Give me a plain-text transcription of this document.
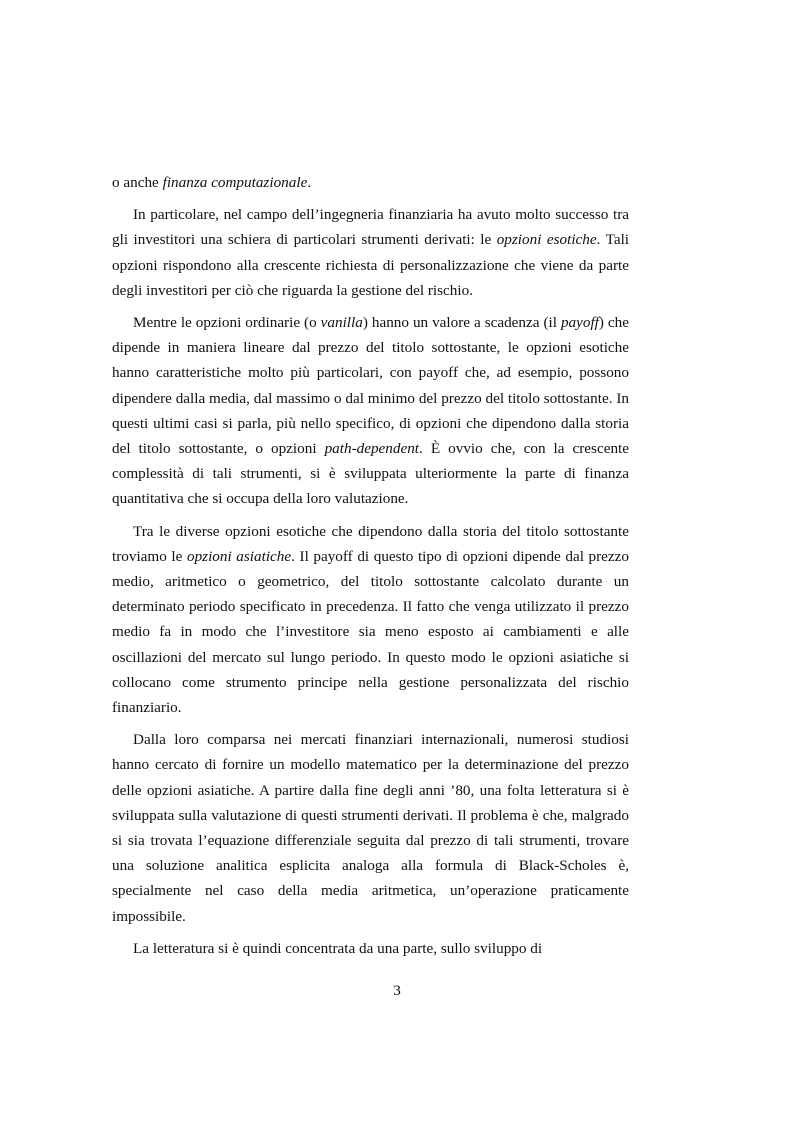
o anche finanza computazionale.

In particolare, nel campo dell’ingegneria finanziaria ha avuto molto successo tra gli investitori una schiera di particolari strumenti derivati: le opzioni esotiche. Tali opzioni rispondono alla crescente richiesta di personalizzazione che viene da parte degli investitori per ciò che riguarda la gestione del rischio.

Mentre le opzioni ordinarie (o vanilla) hanno un valore a scadenza (il payoff) che dipende in maniera lineare dal prezzo del titolo sottostante, le opzioni esotiche hanno caratteristiche molto più particolari, con payoff che, ad esempio, possono dipendere dalla media, dal massimo o dal minimo del prezzo del titolo sottostante. In questi ultimi casi si parla, più nello specifico, di opzioni che dipendono dalla storia del titolo sottostante, o opzioni path-dependent. È ovvio che, con la crescente complessità di tali strumenti, si è sviluppata ulteriormente la parte di finanza quantitativa che si occupa della loro valutazione.

Tra le diverse opzioni esotiche che dipendono dalla storia del titolo sottostante troviamo le opzioni asiatiche. Il payoff di questo tipo di opzioni dipende dal prezzo medio, aritmetico o geometrico, del titolo sottostante calcolato durante un determinato periodo specificato in precedenza. Il fatto che venga utilizzato il prezzo medio fa in modo che l’investitore sia meno esposto ai cambiamenti e alle oscillazioni del mercato sul lungo periodo. In questo modo le opzioni asiatiche si collocano come strumento principe nella gestione personalizzata del rischio finanziario.

Dalla loro comparsa nei mercati finanziari internazionali, numerosi studiosi hanno cercato di fornire un modello matematico per la determinazione del prezzo delle opzioni asiatiche. A partire dalla fine degli anni ’80, una folta letteratura si è sviluppata sulla valutazione di questi strumenti derivati. Il problema è che, malgrado si sia trovata l’equazione differenziale seguita dal prezzo di tali strumenti, trovare una soluzione analitica esplicita analoga alla formula di Black-Scholes è, specialmente nel caso della media aritmetica, un’operazione praticamente impossibile.

La letteratura si è quindi concentrata da una parte, sullo sviluppo di

3
